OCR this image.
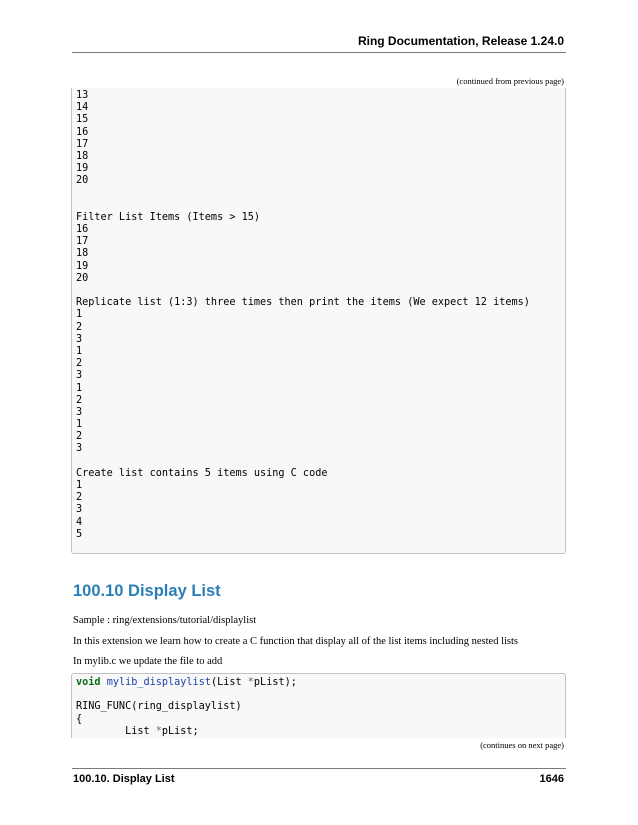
Ring Documentation, Release 1.24.0
(continued from previous page)
13
14
15
16
17
18
19
20
Filter List Items (Items > 15)
16
17
18
19
20
Replicate list (1:3) three times then print the items (We expect 12 items)
1
2
3
1
2
3
1
2
3
1
2
3
Create list contains 5 items using C code
1
2
3
4
5
100.10 Display List
Sample : ring/extensions/tutorial/displaylist
In this extension we learn how to create a C function that display all of the list items including nested lists
In mylib.c we update the file to add
void mylib_displaylist(List *pList);
RING_FUNC(ring_displaylist)
{
List *pList;
(continues on next page)
100.10. Display List	1646
